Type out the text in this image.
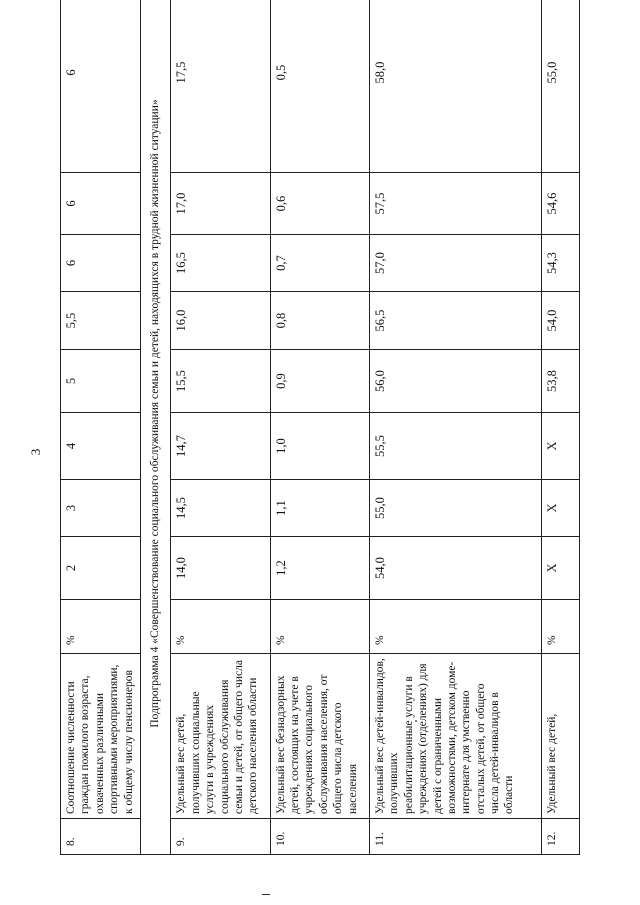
3
8.	Соотношение численности граждан пожилого возраста, охваченных различными спортивными мероприятиями, к общему числу пенсионеров	%	2	3	4	5	5,5	6	6	6
Подпрограмма 4 «Совершенствование социального обслуживания семьи и детей, находящихся в трудной жизненной ситуации»										
9.	Удельный вес детей, получивших социальные услуги в учреждениях социального обслуживания семьи и детей, от общего числа детского населения области	%	14,0	14,5	14,7	15,5	16,0	16,5	17,0	17,5
10.	Удельный вес безнадзорных детей, состоящих на учете в учреждениях социального обслуживания населения, от общего числа детского населения	%	1,2	1,1	1,0	0,9	0,8	0,7	0,6	0,5
11.	Удельный вес детей-инвалидов, получивших реабилитационные услуги в учреждениях (отделениях) для детей с ограниченными возможностями, детском доме-интернате для умственно отсталых детей, от общего числа детей-инвалидов в области	%	54,0	55,0	55,5	56,0	56,5	57,0	57,5	58,0
12.	Удельный вес детей,	%	Х	Х	Х	53,8	54,0	54,3	54,6	55,0
